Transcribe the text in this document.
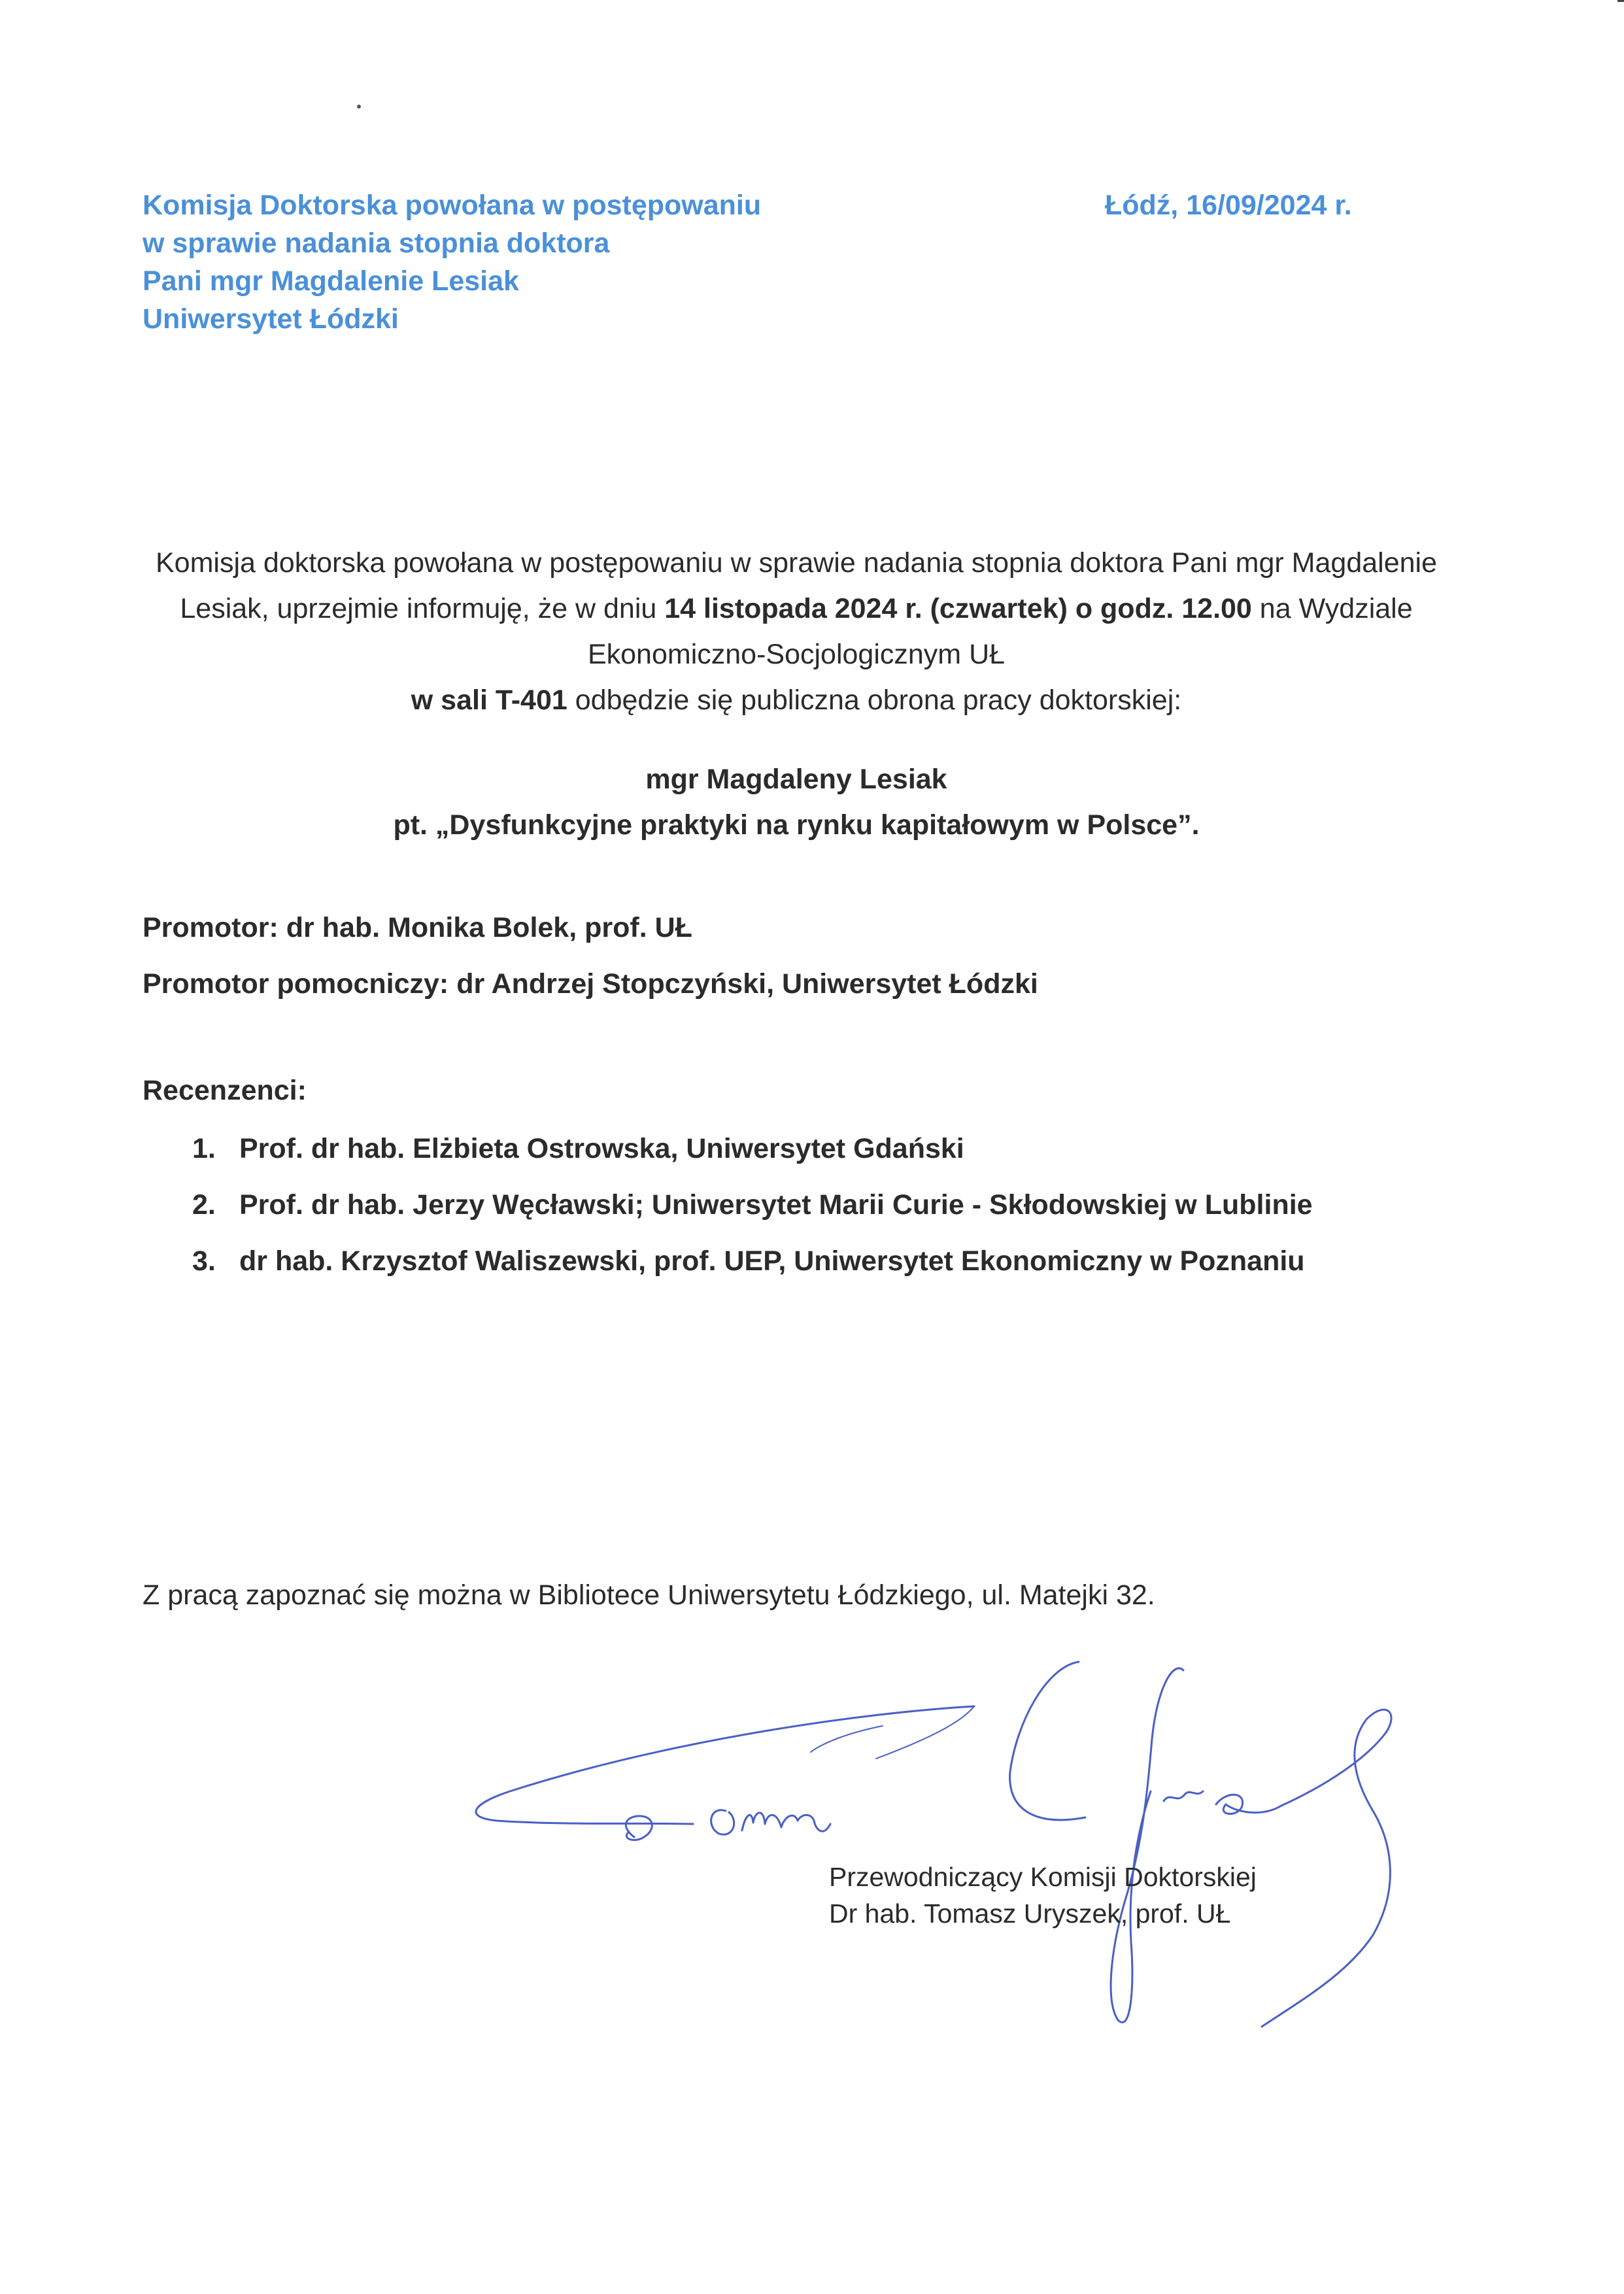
Komisja Doktorska powołana w postępowaniu
w sprawie nadania stopnia doktora
Pani mgr Magdalenie Lesiak
Uniwersytet Łódzki
Łódź, 16/09/2024 r.
Komisja doktorska powołana w postępowaniu w sprawie nadania stopnia doktora Pani mgr Magdalenie Lesiak, uprzejmie informuję, że w dniu 14 listopada 2024 r. (czwartek) o godz. 12.00 na Wydziale Ekonomiczno-Socjologicznym UŁ
w sali T-401 odbędzie się publiczna obrona pracy doktorskiej:
mgr Magdaleny Lesiak
pt. „Dysfunkcyjne praktyki na rynku kapitałowym w Polsce”.
Promotor: dr hab. Monika Bolek, prof. UŁ
Promotor pomocniczy: dr Andrzej Stopczyński, Uniwersytet Łódzki
Recenzenci:
1. Prof. dr hab. Elżbieta Ostrowska, Uniwersytet Gdański
2. Prof. dr hab. Jerzy Węcławski; Uniwersytet Marii Curie - Skłodowskiej w Lublinie
3. dr hab. Krzysztof Waliszewski, prof. UEP, Uniwersytet Ekonomiczny w Poznaniu
Z pracą zapoznać się można w Bibliotece Uniwersytetu Łódzkiego, ul. Matejki 32.
Przewodniczący Komisji Doktorskiej
Dr hab. Tomasz Uryszek, prof. UŁ
